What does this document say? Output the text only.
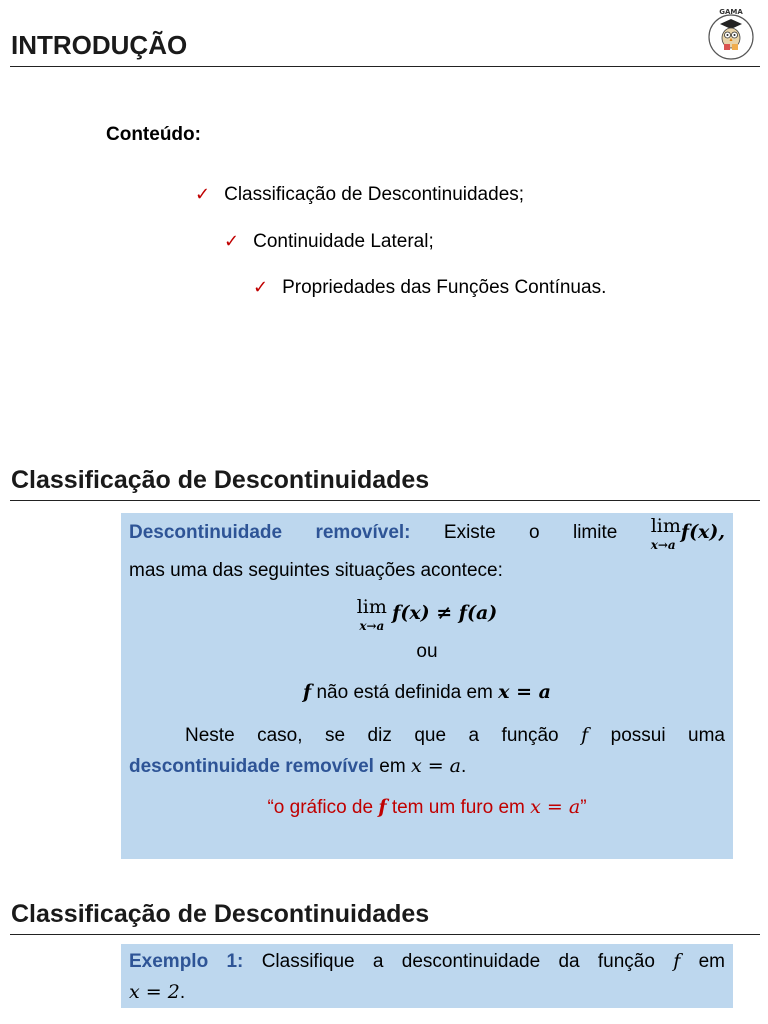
INTRODUÇÃO
GAMA
Conteúdo:
✓ Classificação de Descontinuidades;
✓ Continuidade Lateral;
✓ Propriedades das Funções Contínuas.
Classificação de Descontinuidades
Descontinuidade removível: Existe o limite lim
x→a
f(x),
mas uma das seguintes situações acontece:
lim
x→a
f(x) ≠ f(a)
ou
f não está definida em x = a
Neste caso, se diz que a função f possui uma
descontinuidade removível em x = a.
“o gráfico de f tem um furo em x = a”
Classificação de Descontinuidades
Exemplo 1: Classifique a descontinuidade da função f em
x = 2.
